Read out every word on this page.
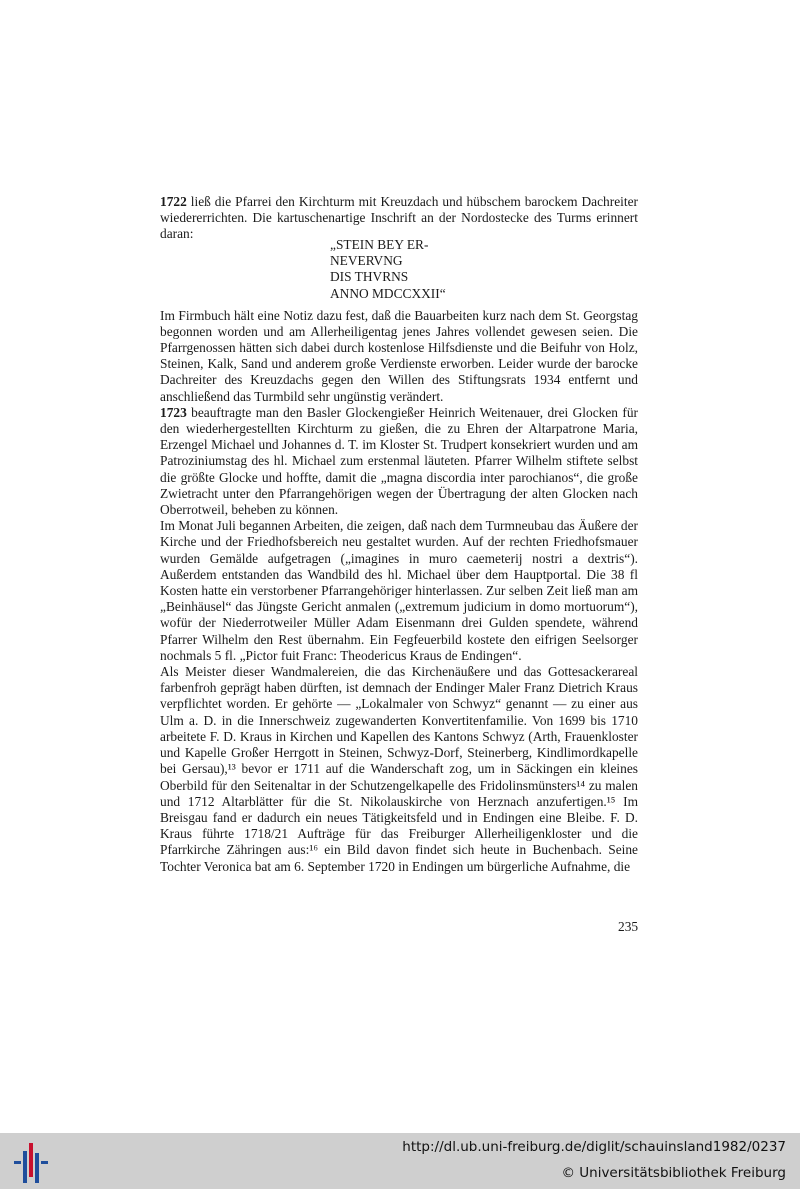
1722 ließ die Pfarrei den Kirchturm mit Kreuzdach und hübschem barockem Dachreiter wiedererrichten. Die kartuschenartige Inschrift an der Nordostecke des Turms erinnert daran:

Im Firmbuch hält eine Notiz dazu fest, daß die Bauarbeiten kurz nach dem St. Georgstag begonnen worden und am Allerheiligentag jenes Jahres vollendet gewesen seien. Die Pfarrgenossen hätten sich dabei durch kostenlose Hilfsdienste und die Beifuhr von Holz, Steinen, Kalk, Sand und anderem große Verdienste erworben. Leider wurde der barocke Dachreiter des Kreuzdachs gegen den Willen des Stiftungsrats 1934 entfernt und anschließend das Turmbild sehr ungünstig verändert.

1723 beauftragte man den Basler Glockengießer Heinrich Weitenauer, drei Glocken für den wiederhergestellten Kirchturm zu gießen, die zu Ehren der Altarpatrone Maria, Erzengel Michael und Johannes d. T. im Kloster St. Trudpert konsekriert wurden und am Patroziniumstag des hl. Michael zum erstenmal läuteten. Pfarrer Wilhelm stiftete selbst die größte Glocke und hoffte, damit die „magna discordia inter parochianos“, die große Zwietracht unter den Pfarrangehörigen wegen der Übertragung der alten Glocken nach Oberrotweil, beheben zu können.

Im Monat Juli begannen Arbeiten, die zeigen, daß nach dem Turmneubau das Äußere der Kirche und der Friedhofsbereich neu gestaltet wurden. Auf der rechten Friedhofsmauer wurden Gemälde aufgetragen („imagines in muro caemeterij nostri a dextris“). Außerdem entstanden das Wandbild des hl. Michael über dem Hauptportal. Die 38 fl Kosten hatte ein verstorbener Pfarrangehöriger hinterlassen. Zur selben Zeit ließ man am „Beinhäusel“ das Jüngste Gericht anmalen („extremum judicium in domo mortuorum“), wofür der Niederrotweiler Müller Adam Eisenmann drei Gulden spendete, während Pfarrer Wilhelm den Rest übernahm. Ein Fegfeuerbild kostete den eifrigen Seelsorger nochmals 5 fl. „Pictor fuit Franc: Theodericus Kraus de Endingen“.

Als Meister dieser Wandmalereien, die das Kirchenäußere und das Gottesackerareal farbenfroh geprägt haben dürften, ist demnach der Endinger Maler Franz Dietrich Kraus verpflichtet worden. Er gehörte — „Lokalmaler von Schwyz“ genannt — zu einer aus Ulm a. D. in die Innerschweiz zugewanderten Konvertitenfamilie. Von 1699 bis 1710 arbeitete F. D. Kraus in Kirchen und Kapellen des Kantons Schwyz (Arth, Frauenkloster und Kapelle Großer Herrgott in Steinen, Schwyz-Dorf, Steinerberg, Kindlimordkapelle bei Gersau),¹³ bevor er 1711 auf die Wanderschaft zog, um in Säckingen ein kleines Oberbild für den Seitenaltar in der Schutzengelkapelle des Fridolinsmünsters¹⁴ zu malen und 1712 Altarblätter für die St. Nikolauskirche von Herznach anzufertigen.¹⁵ Im Breisgau fand er dadurch ein neues Tätigkeitsfeld und in Endingen eine Bleibe. F. D. Kraus führte 1718/21 Aufträge für das Freiburger Allerheiligenkloster und die Pfarrkirche Zähringen aus:¹⁶ ein Bild davon findet sich heute in Buchenbach. Seine Tochter Veronica bat am 6. September 1720 in Endingen um bürgerliche Aufnahme, die

„STEIN BEY ER-
NEVERVNG
DIS THVRNS
ANNO MDCCXXII“
235
http://dl.ub.uni-freiburg.de/diglit/schauinsland1982/0237
© Universitätsbibliothek Freiburg
